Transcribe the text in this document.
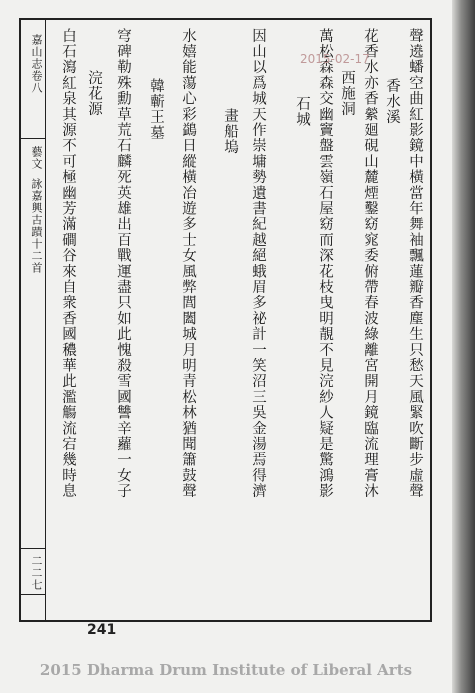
嘉山志卷八
藝文
詠嘉興古蹟十二首
二二七
聲遶蟠空曲紅影鏡中橫當年舞袖飄蓮瓣香塵生只愁天風緊吹斷步虛聲
香水溪
花香水亦香縈廻硯山麓煙鑿窈窕委俯帶春波綠離宮開月鏡臨流理膏沐
西施洞
萬松森森交幽竇盤雲嶺石屋窈而深花枝曳明靚不見浣紗人疑是驚鴻影
石城
因山以爲城天作崇墉勢遺書紀越絕蛾眉多祕計一笑沼三吳金湯焉得濟
畫船塢
水嬉能蕩心彩鷁日縱橫冶遊多士女風弊閭闔城月明青松林猶聞簫鼓聲
韓蘄王墓
穹碑勒殊勳草荒石麟死英雄出百戰運盡只如此愧殺雪國讐辛蘿一女子
浣花源
白石瀉紅泉其源不可極幽芳滿磵谷來自衆香國穠華此濫觴流宕幾時息	2015-02-17
241
2015 Dharma Drum Institute of Liberal Arts
